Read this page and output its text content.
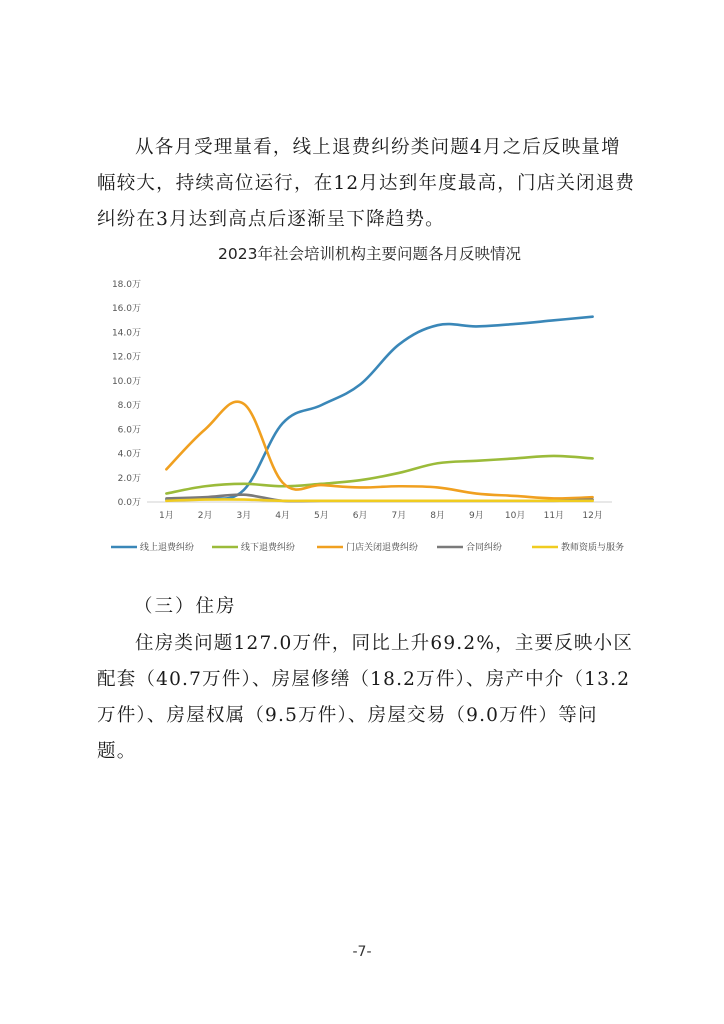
从各月受理量看，线上退费纠纷类问题4月之后反映量增幅较大，持续高位运行，在12月达到年度最高，门店关闭退费纠纷在3月达到高点后逐渐呈下降趋势。

2023年社会培训机构主要问题各月反映情况
0.0万
2.0万
4.0万
6.0万
8.0万
10.0万
12.0万
14.0万
16.0万
18.0万
1月	2月	3月	4月	5月	6月	7月	8月	9月 10月 11月 12月
线上退费纠纷	线下退费纠纷	门店关闭退费纠纷	合同纠纷	教师资质与服务

（三）住房

住房类问题127.0万件，同比上升69.2%，主要反映小区配套（40.7万件）、房屋修缮（18.2万件）、房产中介（13.2万件）、房屋权属（9.5万件）、房屋交易（9.0万件）等问题。

-7-
